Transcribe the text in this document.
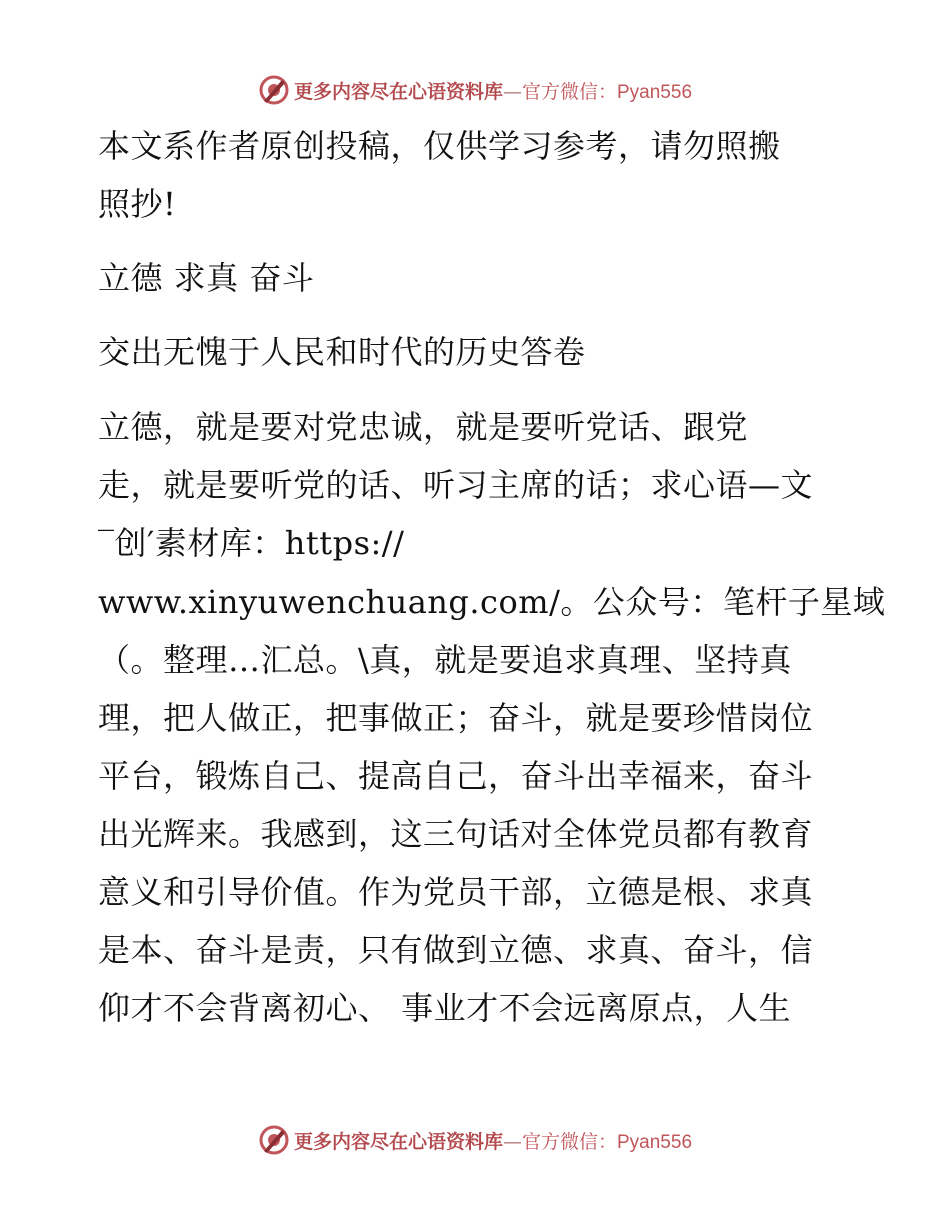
更多内容尽在心语资料库—官方微信：Pyan556
本文系作者原创投稿，仅供学习参考，请勿照搬
照抄!
立德 求真 奋斗
交出无愧于人民和时代的历史答卷
立德，就是要对党忠诚，就是要听党话、跟党
走，就是要听党的话、听习主席的话；求心语—文
‾创′素材库：https://
www.xinyuwenchuang.com/。公众号：笔杆子星域
（。整理…汇总。\真，就是要追求真理、坚持真
理，把人做正，把事做正；奋斗，就是要珍惜岗位
平台，锻炼自己、提高自己，奋斗出幸福来，奋斗
出光辉来。我感到，这三句话对全体党员都有教育
意义和引导价值。作为党员干部，立德是根、求真
是本、奋斗是责，只有做到立德、求真、奋斗，信
仰才不会背离初心、 事业才不会远离原点，人生
更多内容尽在心语资料库—官方微信：Pyan556
